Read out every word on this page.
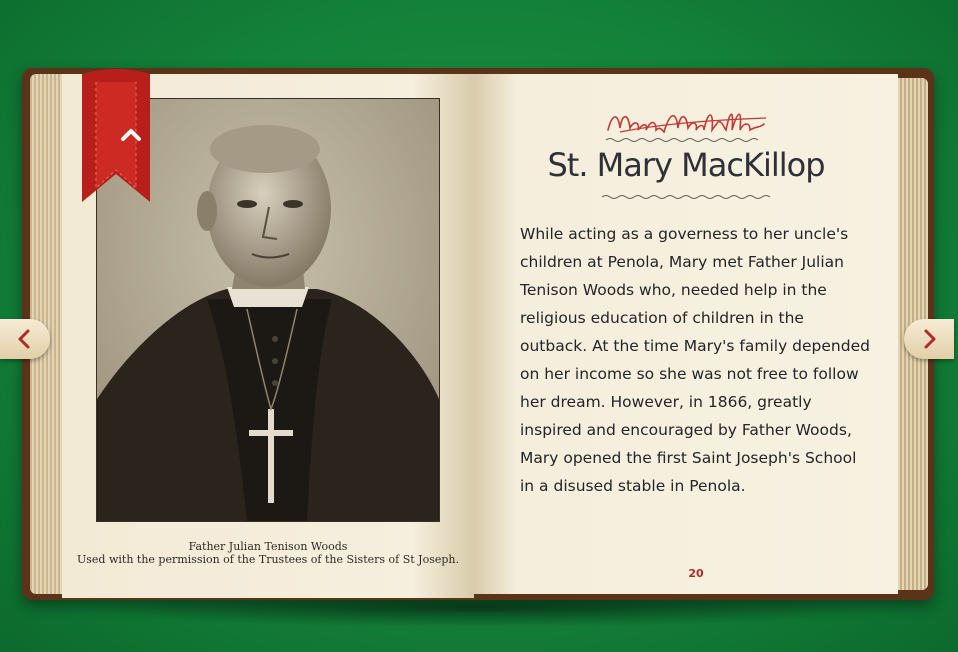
Father Julian Tenison Woods
Used with the permission of the Trustees of the Sisters of St Joseph.
St. Mary MacKillop

While acting as a governess to her uncle's children at Penola, Mary met Father Julian Tenison Woods who, needed help in the religious education of children in the outback. At the time Mary's family depended on her income so she was not free to follow her dream. However, in 1866, greatly inspired and encouraged by Father Woods, Mary opened the first Saint Joseph's School in a disused stable in Penola.

20
